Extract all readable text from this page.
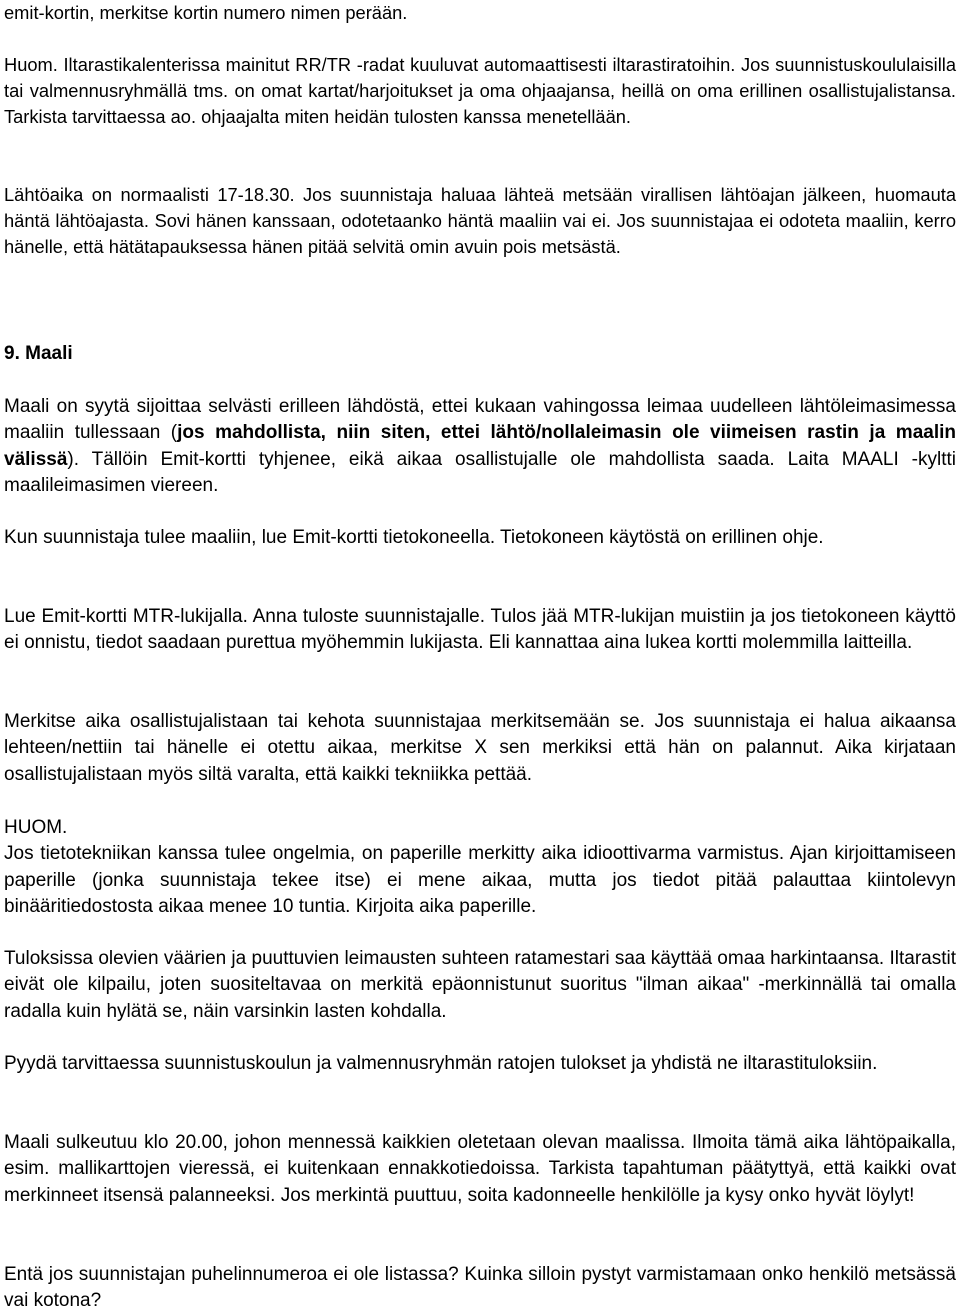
emit-kortin, merkitse kortin numero nimen perään.

Huom. Iltarastikalenterissa mainitut RR/TR -radat kuuluvat automaattisesti iltarastiratoihin. Jos suunnistuskoululaisilla tai valmennusryhmällä tms. on omat kartat/harjoitukset ja oma ohjaajansa, heillä on oma erillinen osallistujalistansa. Tarkista tarvittaessa ao. ohjaajalta miten heidän tulosten kanssa menetellään.

Lähtöaika on normaalisti 17-18.30. Jos suunnistaja haluaa lähteä metsään virallisen lähtöajan jälkeen, huomauta häntä lähtöajasta. Sovi hänen kanssaan, odotetaanko häntä maaliin vai ei. Jos suunnistajaa ei odoteta maaliin, kerro hänelle, että hätätapauksessa hänen pitää selvitä omin avuin pois metsästä.

9. Maali

Maali on syytä sijoittaa selvästi erilleen lähdöstä, ettei kukaan vahingossa leimaa uudelleen lähtöleimasimessa maaliin tullessaan (jos mahdollista, niin siten, ettei lähtö/nollaleimasin ole viimeisen rastin ja maalin välissä). Tällöin Emit-kortti tyhjenee, eikä aikaa osallistujalle ole mahdollista saada. Laita MAALI -kyltti maalileimasimen viereen.

Kun suunnistaja tulee maaliin, lue Emit-kortti tietokoneella. Tietokoneen käytöstä on erillinen ohje.

Lue Emit-kortti MTR-lukijalla. Anna tuloste suunnistajalle. Tulos jää MTR-lukijan muistiin ja jos tietokoneen käyttö ei onnistu, tiedot saadaan purettua myöhemmin lukijasta. Eli kannattaa aina lukea kortti molemmilla laitteilla.

Merkitse aika osallistujalistaan tai kehota suunnistajaa merkitsemään se. Jos suunnistaja ei halua aikaansa lehteen/nettiin tai hänelle ei otettu aikaa, merkitse X sen merkiksi että hän on palannut. Aika kirjataan osallistujalistaan myös siltä varalta, että kaikki tekniikka pettää.

HUOM.

Jos tietotekniikan kanssa tulee ongelmia, on paperille merkitty aika idioottivarma varmistus. Ajan kirjoittamiseen paperille (jonka suunnistaja tekee itse) ei mene aikaa, mutta jos tiedot pitää palauttaa kiintolevyn binääritiedostosta aikaa menee 10 tuntia. Kirjoita aika paperille.

Tuloksissa olevien väärien ja puuttuvien leimausten suhteen ratamestari saa käyttää omaa harkintaansa. Iltarastit eivät ole kilpailu, joten suositeltavaa on merkitä epäonnistunut suoritus "ilman aikaa" -merkinnällä tai omalla radalla kuin hylätä se, näin varsinkin lasten kohdalla.

Pyydä tarvittaessa suunnistuskoulun ja valmennusryhmän ratojen tulokset ja yhdistä ne iltarastituloksiin.

Maali sulkeutuu klo 20.00, johon mennessä kaikkien oletetaan olevan maalissa. Ilmoita tämä aika lähtöpaikalla, esim. mallikarttojen vieressä, ei kuitenkaan ennakkotiedoissa. Tarkista tapahtuman päätyttyä, että kaikki ovat merkinneet itsensä palanneeksi. Jos merkintä puuttuu, soita kadonneelle henkilölle ja kysy onko hyvät löylyt!

Entä jos suunnistajan puhelinnumeroa ei ole listassa? Kuinka silloin pystyt varmistamaan onko henkilö metsässä vai kotona?
